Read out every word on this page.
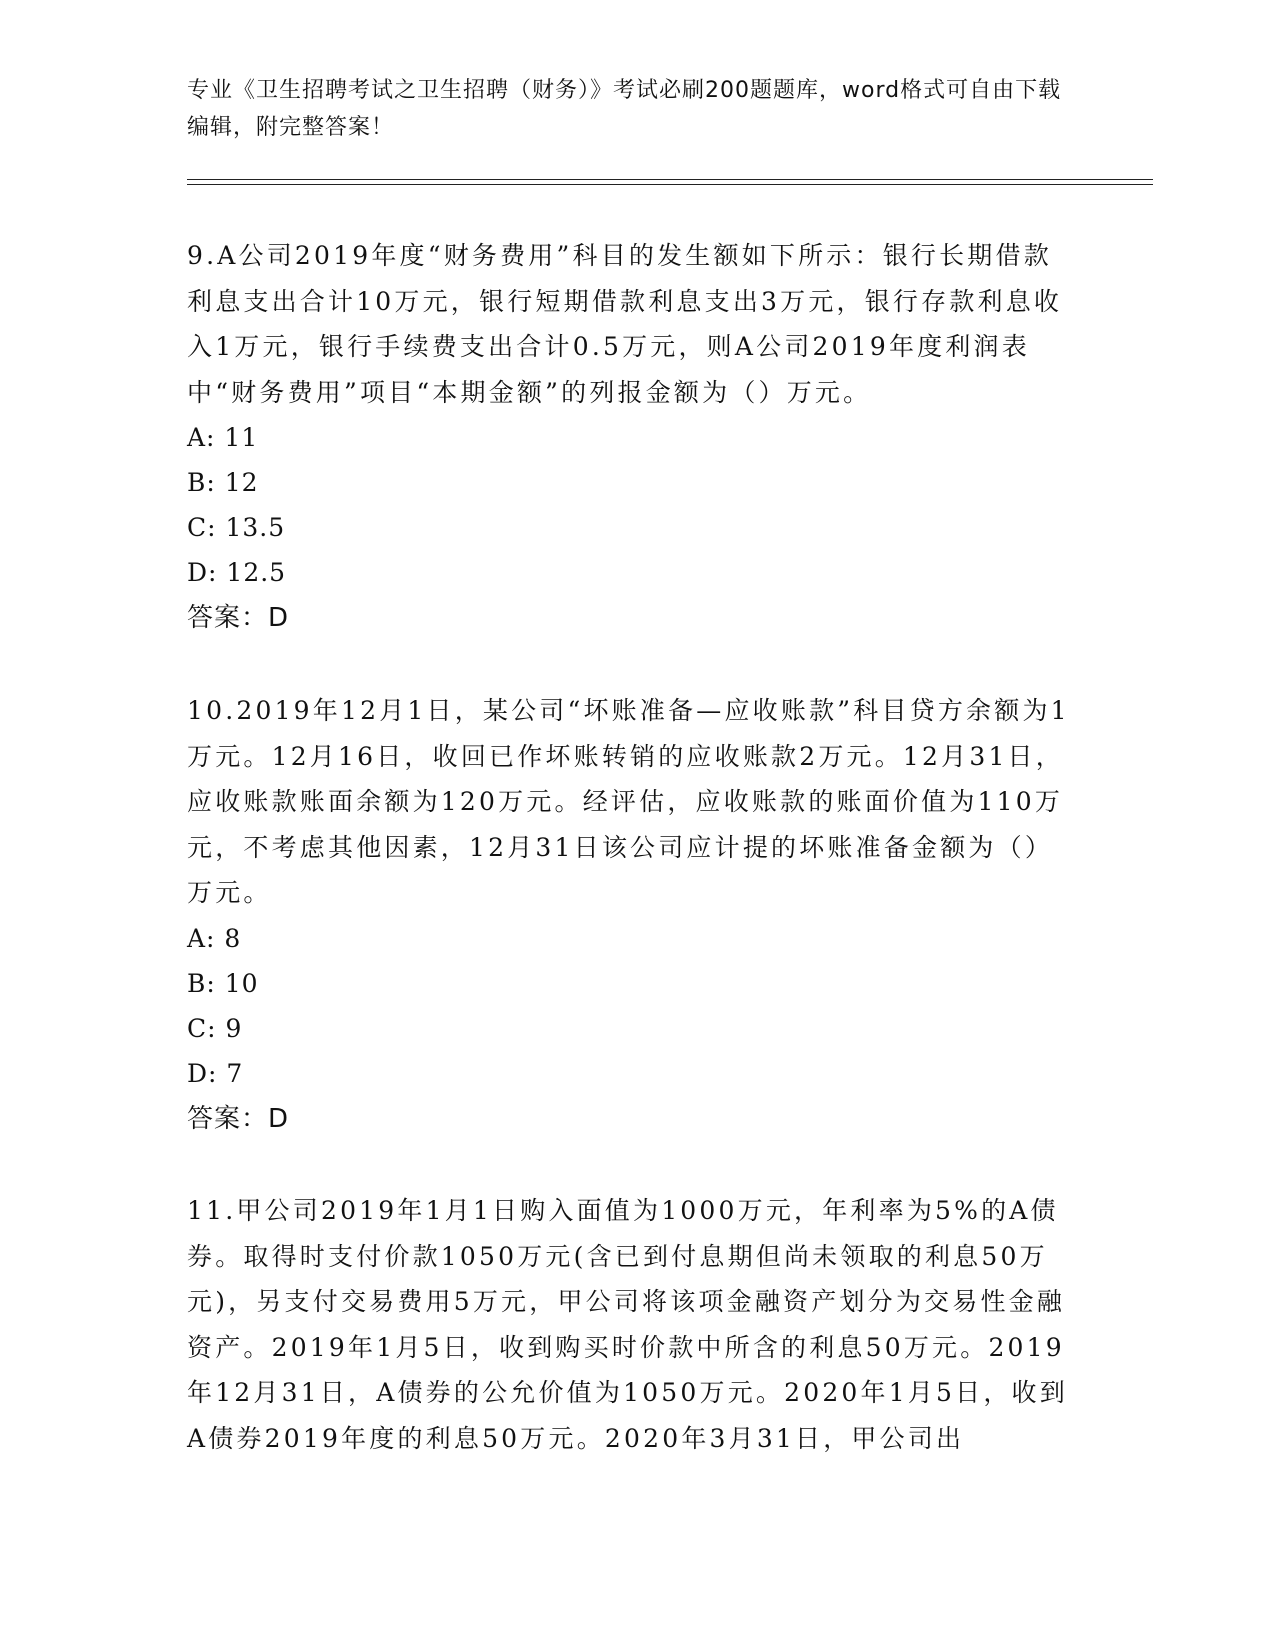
专业《卫生招聘考试之卫生招聘（财务）》考试必刷200题题库，word格式可自由下载编辑，附完整答案！

9.A公司2019年度“财务费用”科目的发生额如下所示：银行长期借款利息支出合计10万元，银行短期借款利息支出3万元，银行存款利息收入1万元，银行手续费支出合计0.5万元，则A公司2019年度利润表中“财务费用”项目“本期金额”的列报金额为（）万元。

A: 11
B: 12
C: 13.5
D: 12.5
答案：D

10.2019年12月1日，某公司“坏账准备—应收账款”科目贷方余额为1万元。12月16日，收回已作坏账转销的应收账款2万元。12月31日，应收账款账面余额为120万元。经评估，应收账款的账面价值为110万元，不考虑其他因素，12月31日该公司应计提的坏账准备金额为（）万元。

A: 8
B: 10
C: 9
D: 7
答案：D

11.甲公司2019年1月1日购入面值为1000万元，年利率为5%的A债券。取得时支付价款1050万元(含已到付息期但尚未领取的利息50万元)，另支付交易费用5万元，甲公司将该项金融资产划分为交易性金融资产。2019年1月5日，收到购买时价款中所含的利息50万元。2019年12月31日，A债券的公允价值为1050万元。2020年1月5日，收到A债券2019年度的利息50万元。2020年3月31日，甲公司出
